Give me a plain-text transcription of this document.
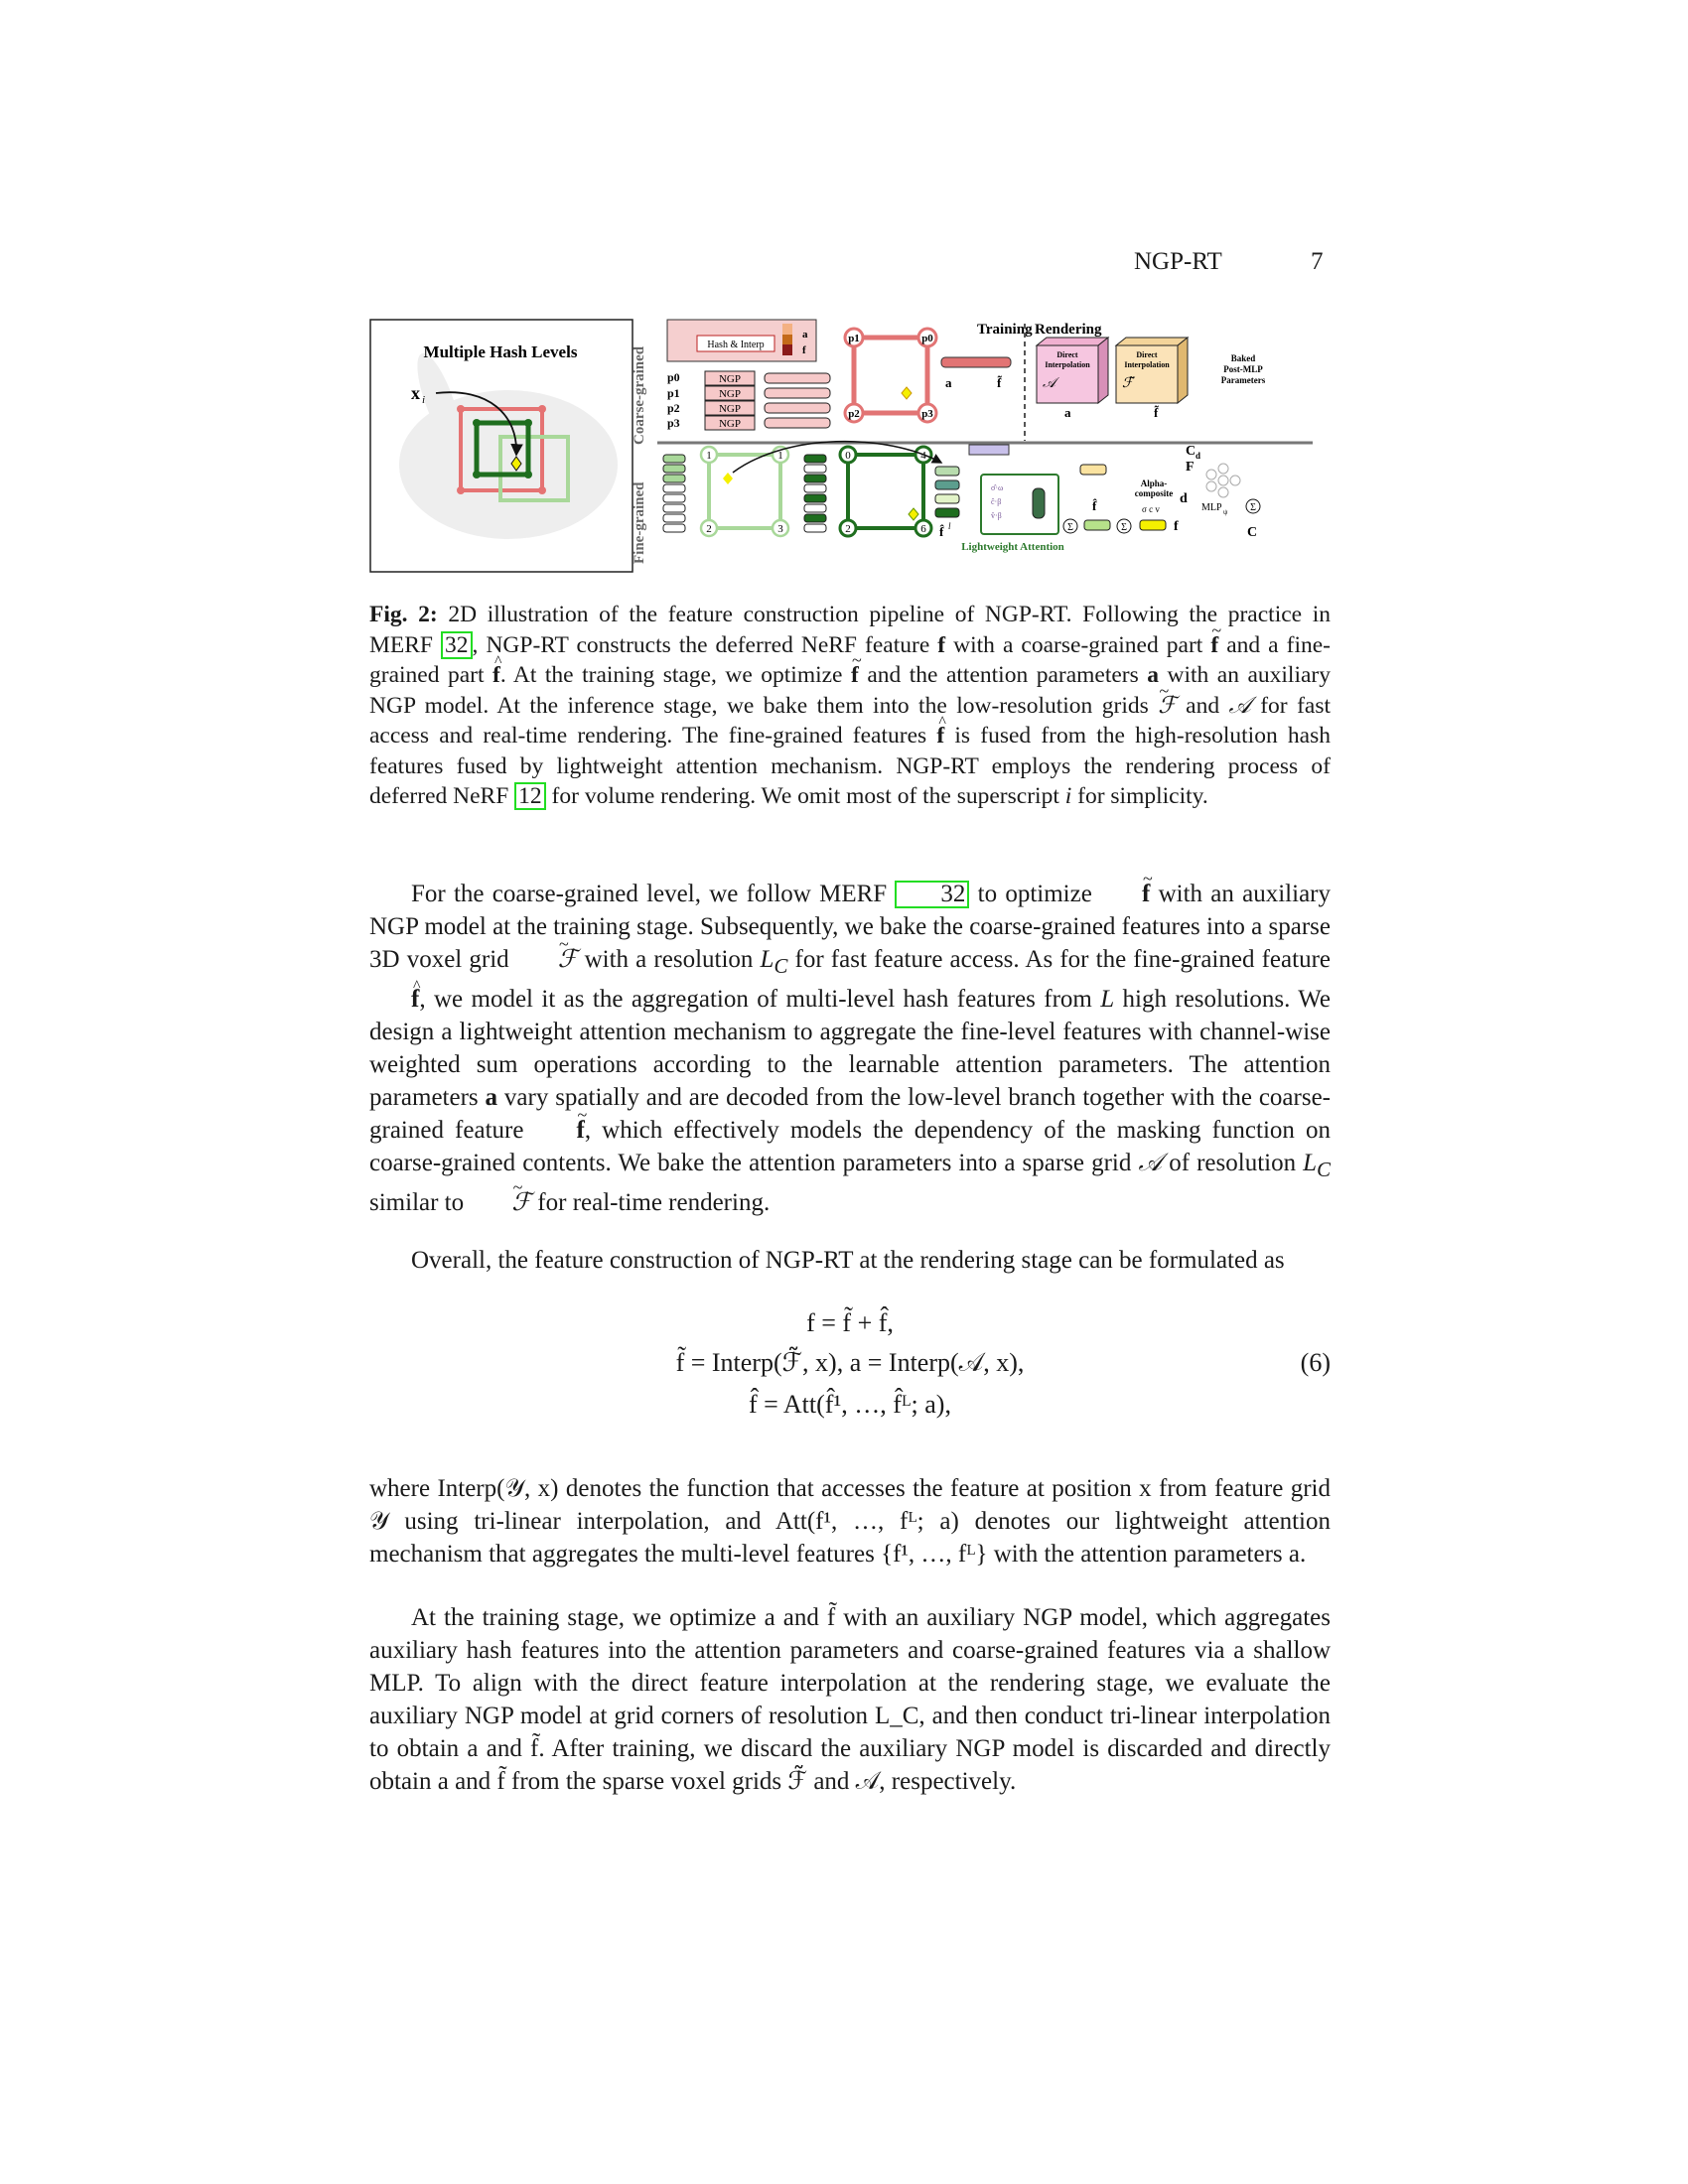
NGP-RT	7
Multiple Hash Levels
x i	Coarse-grained
Fine-grained
Hash & Interp
a
f
p0
p1
p2
p3
NGP
NGP
NGP
NGP
p1	p0
p2	p3
a	f̃
Training Rendering
Direct
Interpolation
𝒜
a
Direct
Interpolation
ℱ̃
f̃
Baked
Post-MLP
Parameters
1	1
2	3
0	4
2	6 f̂ l
σ̂·ω
ĉ·β
v̂·β
Lightweight Attention
Σ
f̂
Σ	f
Alpha-
composite
σ c v
C d
F
d
MLP ψ Σ
C
Fig. 2: 2D illustration of the feature construction pipeline of NGP-RT. Following the practice in MERF 32 , NGP-RT constructs the deferred NeRF feature f with a coarse-grained part ~ f and a fine-grained part ^ f. At the training stage, we optimize ~ f and the attention parameters a with an auxiliary NGP model. At the inference stage, we bake them into the low-resolution grids ~ ℱ and 𝒜 for fast access and real-time rendering. The fine-grained features ^ f is fused from the high-resolution hash features fused by lightweight attention mechanism. NGP-RT employs the rendering process of deferred NeRF 12 for volume rendering. We omit most of the superscript i for simplicity.
For the coarse-grained level, we follow MERF 32 to optimize ~ f with an auxiliary NGP model at the training stage. Subsequently, we bake the coarse-grained features into a sparse 3D voxel grid ~ ℱ with a resolution $L_C$ for fast feature access. As for the fine-grained feature ^ f, we model it as the aggregation of multi-level hash features from L high resolutions. We design a lightweight attention mechanism to aggregate the fine-level features with channel-wise weighted sum operations according to the learnable attention parameters. The attention parameters a vary spatially and are decoded from the low-level branch together with the coarse-grained feature ~ f, which effectively models the dependency of the masking function on coarse-grained contents. We bake the attention parameters into a sparse grid 𝒜 of resolution $L_C$ similar to ~ ℱ for real-time rendering.
Overall, the feature construction of NGP-RT at the rendering stage can be formulated as
f = f̃ + f̂,
f̃ = Interp(ℱ̃, x), a = Interp(𝒜, x),	(6)
f̂ = Att(f̂¹, …, f̂ᴸ; a),
where Interp(𝒴, x) denotes the function that accesses the feature at position x from feature grid 𝒴 using tri-linear interpolation, and Att(f¹, …, fᴸ; a) denotes our lightweight attention mechanism that aggregates the multi-level features {f¹, …, fᴸ} with the attention parameters a.
At the training stage, we optimize a and f̃ with an auxiliary NGP model, which aggregates auxiliary hash features into the attention parameters and coarse-grained features via a shallow MLP. To align with the direct feature interpolation at the rendering stage, we evaluate the auxiliary NGP model at grid corners of resolution L_C, and then conduct tri-linear interpolation to obtain a and f̃. After training, we discard the auxiliary NGP model is discarded and directly obtain a and f̃ from the sparse voxel grids ℱ̃ and 𝒜, respectively.
